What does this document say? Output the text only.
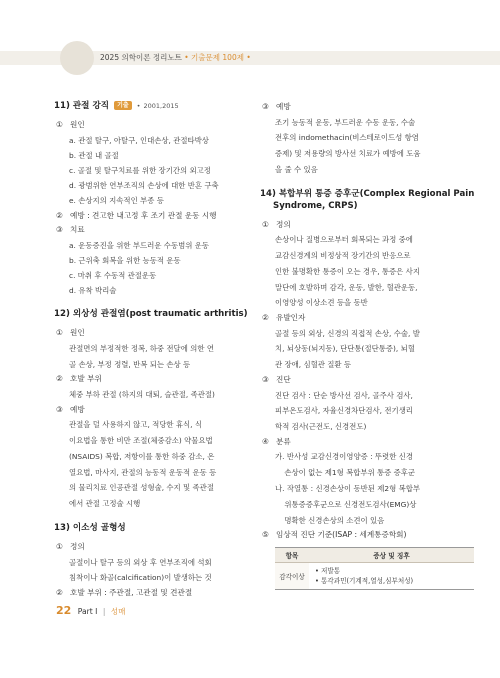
2025 의학이론 정리노트 • 기출문제 100제 •
11) 관절 강직 기출 • 2001,2015
① 원인
a. 관절 탈구, 아탈구, 인대손상, 관절타박상
b. 관절 내 골절
c. 골절 및 탈구치료를 위한 장기간의 외고정
d. 광범위한 연부조직의 손상에 대한 반흔 구축
e. 손상지의 지속적인 부종 등
② 예방 : 견고한 내고정 후 조기 관절 운동 시행
③ 치료
a. 운동증진을 위한 부드러운 수동범위 운동
b. 근위축 회복을 위한 능동적 운동
c. 마취 후 수동적 관절운동
d. 유착 박리술
12) 외상성 관절염(post traumatic arthritis)
① 원인
관절면의 부정적한 정복, 하중 전달에 의한 연
골 손상, 부정 정렬, 반복 되는 손상 등
② 호발 부위
체중 부하 관절 (하지의 대퇴, 슬관절, 족관절)
③ 예방
관절을 덜 사용하지 않고, 적당한 휴식, 식
이요법을 통한 비만 조절(체중감소) 약물요법
(NSAIDS) 복합, 저항이를 통한 하중 감소, 온
열요법, 마사지, 관절의 능동적 운동적 운동 등
의 물리치료 인공관절 성형술, 수지 및 족관절
에서 관절 고정술 시행
13) 이소성 골형성
① 정의
골절이나 탈구 등의 외상 후 연부조직에 석회
침착이나 화골(calcification)이 발생하는 것
② 호발 부위 : 주관절, 고관절 및 견관절
③ 예방
조기 능동적 운동, 부드러운 수동 운동, 수술
전후의 indomethacin(비스테로이드성 항염
증제) 및 저용량의 방사선 치료가 예방에 도움
을 줄 수 있음
14) 복합부위 통증 증후군(Complex Regional Pain
Syndrome, CRPS)
① 정의
손상이나 질병으로부터 회복되는 과정 중에
교감신경계의 비정상적 장기간의 반응으로
인한 불명확한 통증이 오는 경우, 통증은 사지
말단에 호발하며 감각, 운동, 발한, 혈관운동,
이영양성 이상소견 등을 동반
② 유발인자
골절 등의 외상, 신경의 직접적 손상, 수술, 발
치, 뇌상동(뇌지동), 단단통(절단통증), 뇌혈
관 장애, 심혈관 질환 등
③ 진단
진단 검사 : 단순 방사선 검사, 골주사 검사,
피부온도검사, 자율신경차단검사, 전기생리
학적 검사(근전도, 신경전도)
④ 분류
가. 반사성 교감신경이영양증 : 뚜렷한 신경
손상이 없는 제1형 복합부위 통증 증후군
나. 작열통 : 신경손상이 동반된 제2형 복합부
위통증증후군으로 신경전도검사(EMG)상
명확한 신경손상의 소견이 있음
⑤ 임상적 진단 기준(ISAP : 세계통증학회)
항목	증상 및 징후
감각이상	• 저발통
• 통각과민(기계적,열성,심부처성)
22 Part I | 성매
